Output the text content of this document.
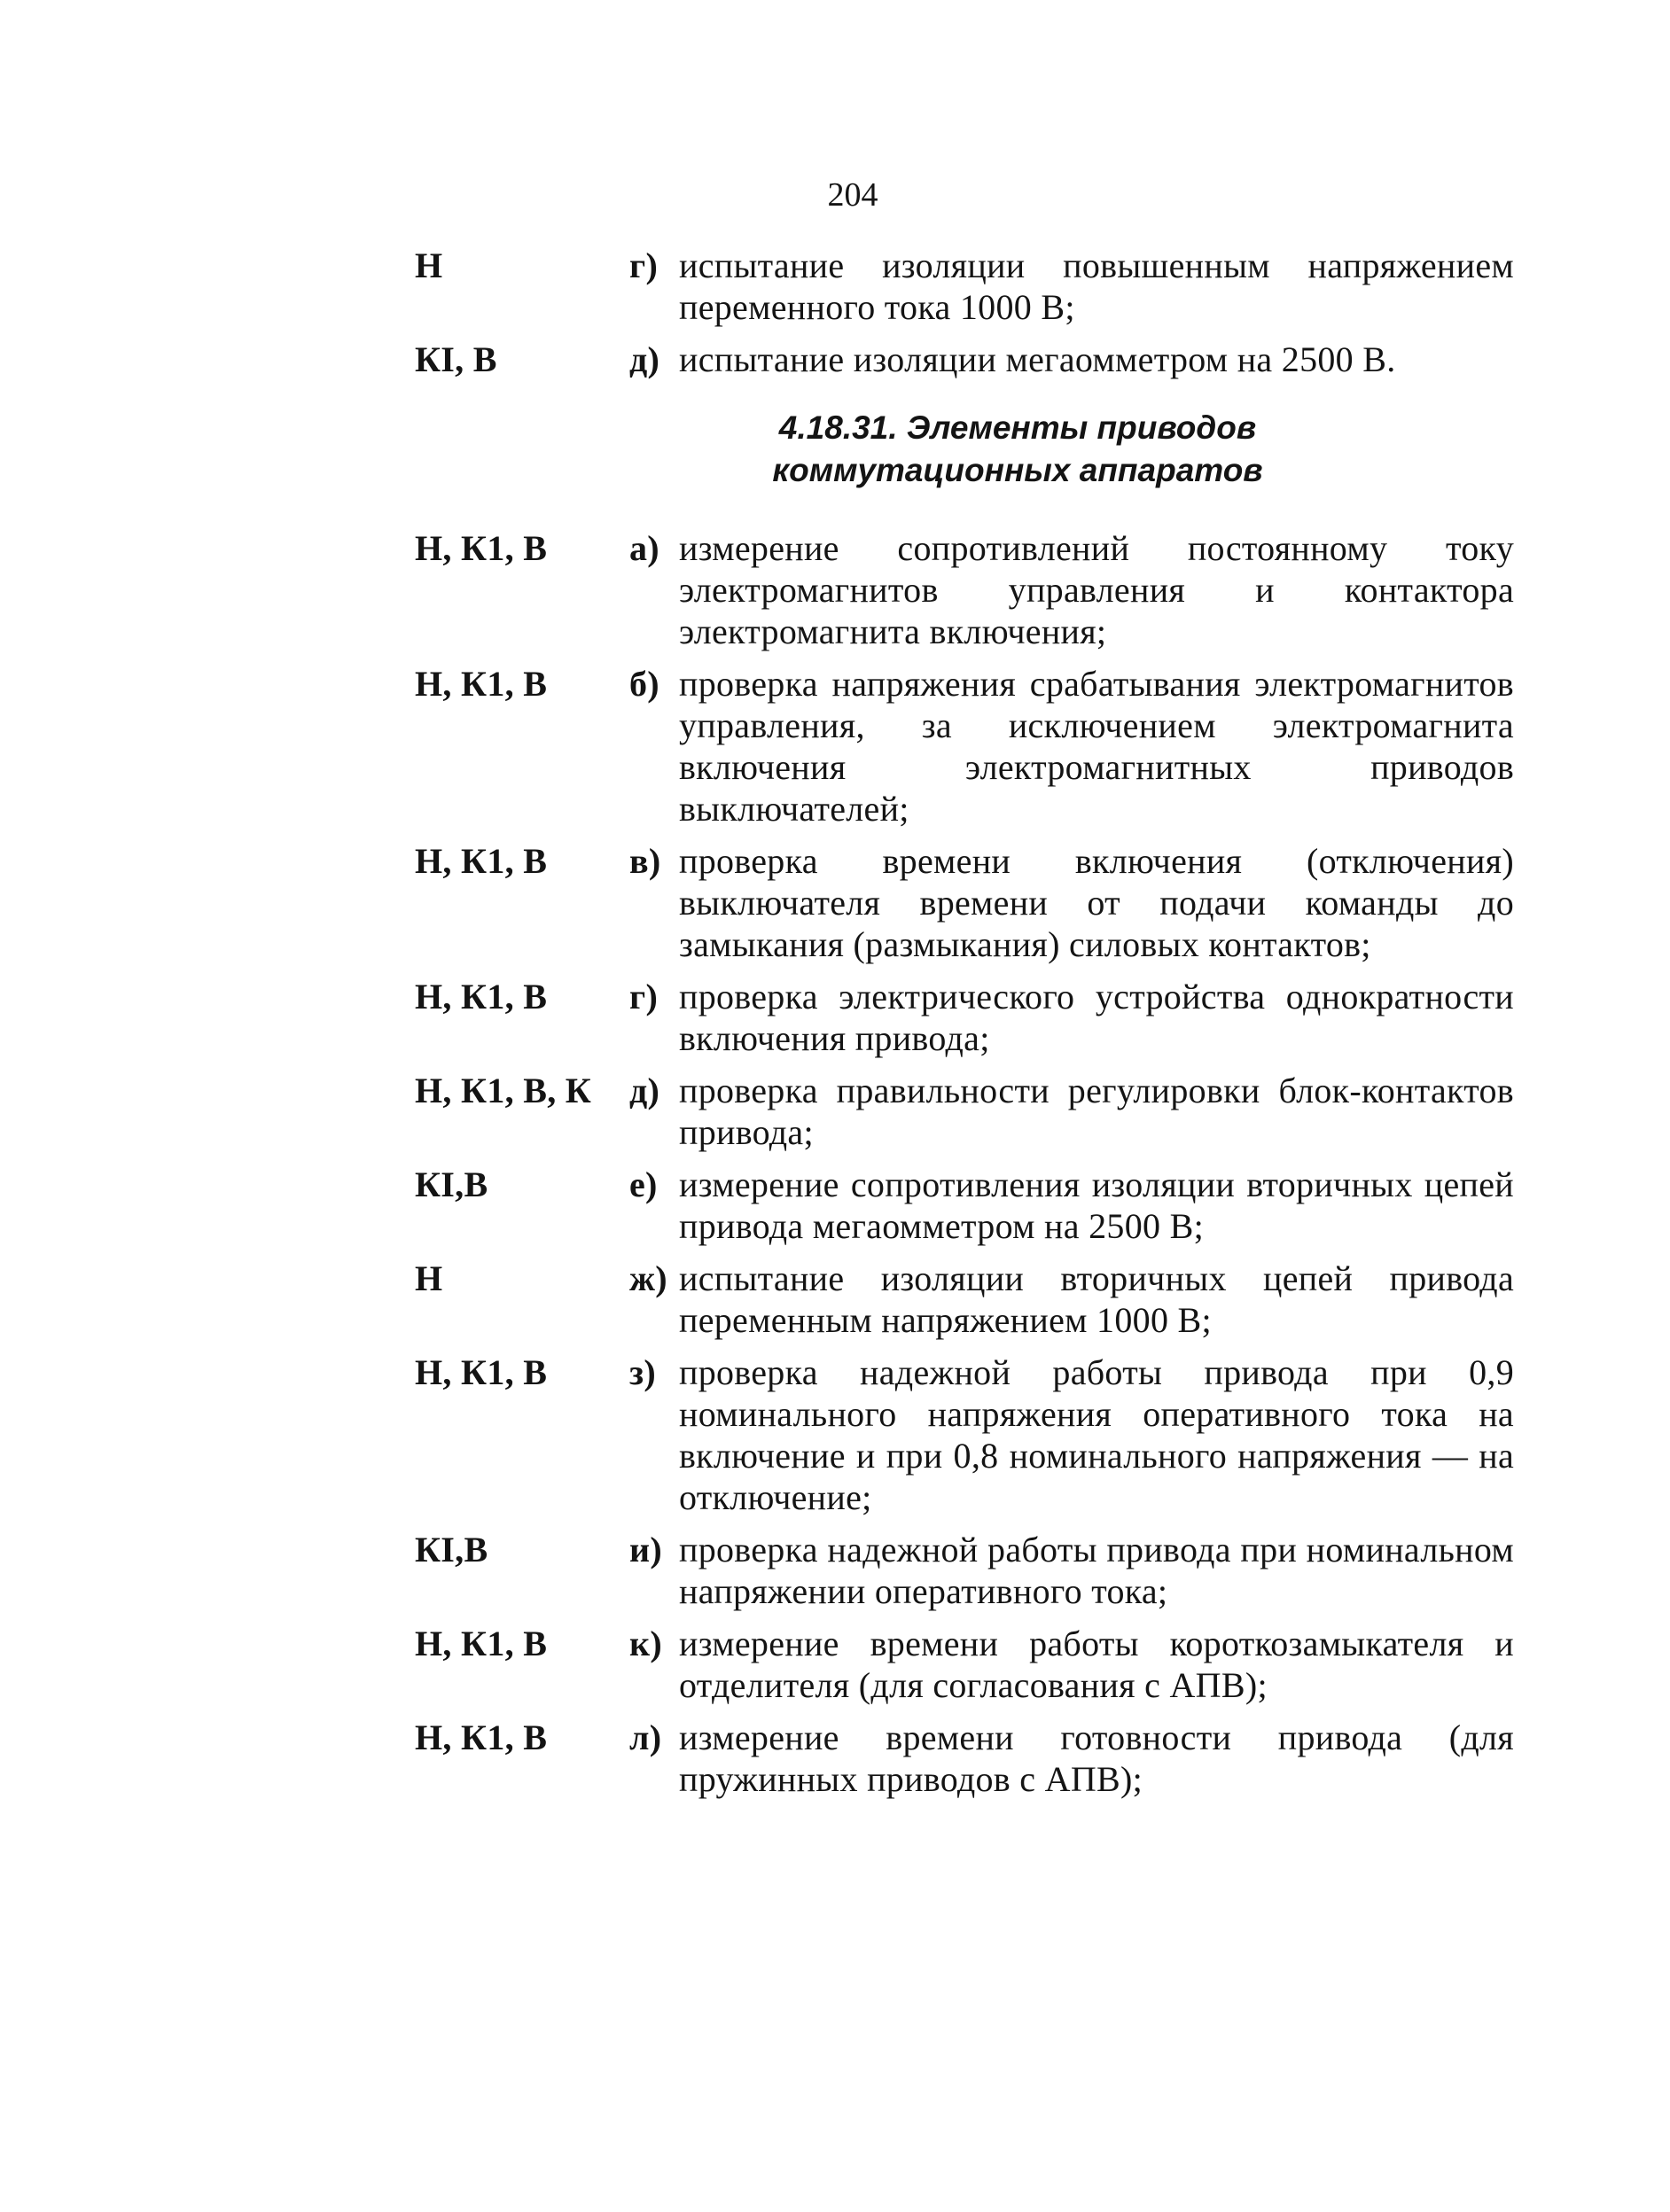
204
Н	г) испытание изоляции повышенным напряжением переменного тока 1000 В;
КI, В	д) испытание изоляции мегаомметром на 2500 В.
4.18.31. Элементы приводов
коммутационных аппаратов
Н, К1, В	а) измерение сопротивлений постоянному току электромагнитов управления и контактора электромагнита включения;
Н, К1, В	б) проверка напряжения срабатывания электромагнитов управления, за исключением электромагнита включения электромагнитных приводов выключателей;
Н, К1, В	в) проверка времени включения (отключения) выключателя времени от подачи команды до замыкания (размыкания) силовых контактов;
Н, К1, В	г) проверка электрического устройства однократности включения привода;
Н, К1, В, К	д) проверка правильности регулировки блок-контактов привода;
КI,В	е) измерение сопротивления изоляции вторичных цепей привода мегаомметром на 2500 В;
Н	ж) испытание изоляции вторичных цепей привода переменным напряжением 1000 В;
Н, К1, В	з) проверка надежной работы привода при 0,9 номинального напряжения оперативного тока на включение и при 0,8 номинального напряжения — на отключение;
КI,В	и) проверка надежной работы привода при номинальном напряжении оперативного тока;
Н, К1, В	к) измерение времени работы короткозамыкателя и отделителя (для согласования с АПВ);
Н, К1, В	л) измерение времени готовности привода (для пружинных приводов с АПВ);
